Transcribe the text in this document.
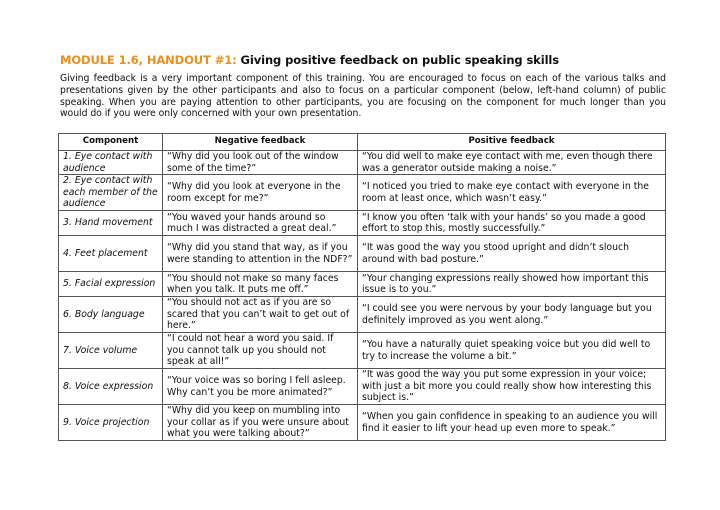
MODULE 1.6, HANDOUT #1: Giving positive feedback on public speaking skills
Giving feedback is a very important component of this training. You are encouraged to focus on each of the various talks and presentations given by the other participants and also to focus on a particular component (below, left-hand column) of public speaking. When you are paying attention to other participants, you are focusing on the component for much longer than you would do if you were only concerned with your own presentation.
Component	Negative feedback	Positive feedback
1. Eye contact with audience	“Why did you look out of the window some of the time?”	“You did well to make eye contact with me, even though there was a generator outside making a noise.”
2. Eye contact with each member of the audience	“Why did you look at everyone in the room except for me?”	“I noticed you tried to make eye contact with everyone in the room at least once, which wasn’t easy.”
3. Hand movement	“You waved your hands around so much I was distracted a great deal.”	“I know you often ‘talk with your hands’ so you made a good effort to stop this, mostly successfully.”
4. Feet placement	“Why did you stand that way, as if you were standing to attention in the NDF?”	“It was good the way you stood upright and didn’t slouch around with bad posture.”
5. Facial expression	“You should not make so many faces when you talk. It puts me off.”	“Your changing expressions really showed how important this issue is to you.”
6. Body language	“You should not act as if you are so scared that you can’t wait to get out of here.”	“I could see you were nervous by your body language but you definitely improved as you went along.”
7. Voice volume	“I could not hear a word you said. If you cannot talk up you should not speak at all!”	“You have a naturally quiet speaking voice but you did well to try to increase the volume a bit.”
8. Voice expression	“Your voice was so boring I fell asleep. Why can’t you be more animated?”	“It was good the way you put some expression in your voice; with just a bit more you could really show how interesting this subject is.”
9. Voice projection	“Why did you keep on mumbling into your collar as if you were unsure about what you were talking about?”	“When you gain confidence in speaking to an audience you will find it easier to lift your head up even more to speak.”
